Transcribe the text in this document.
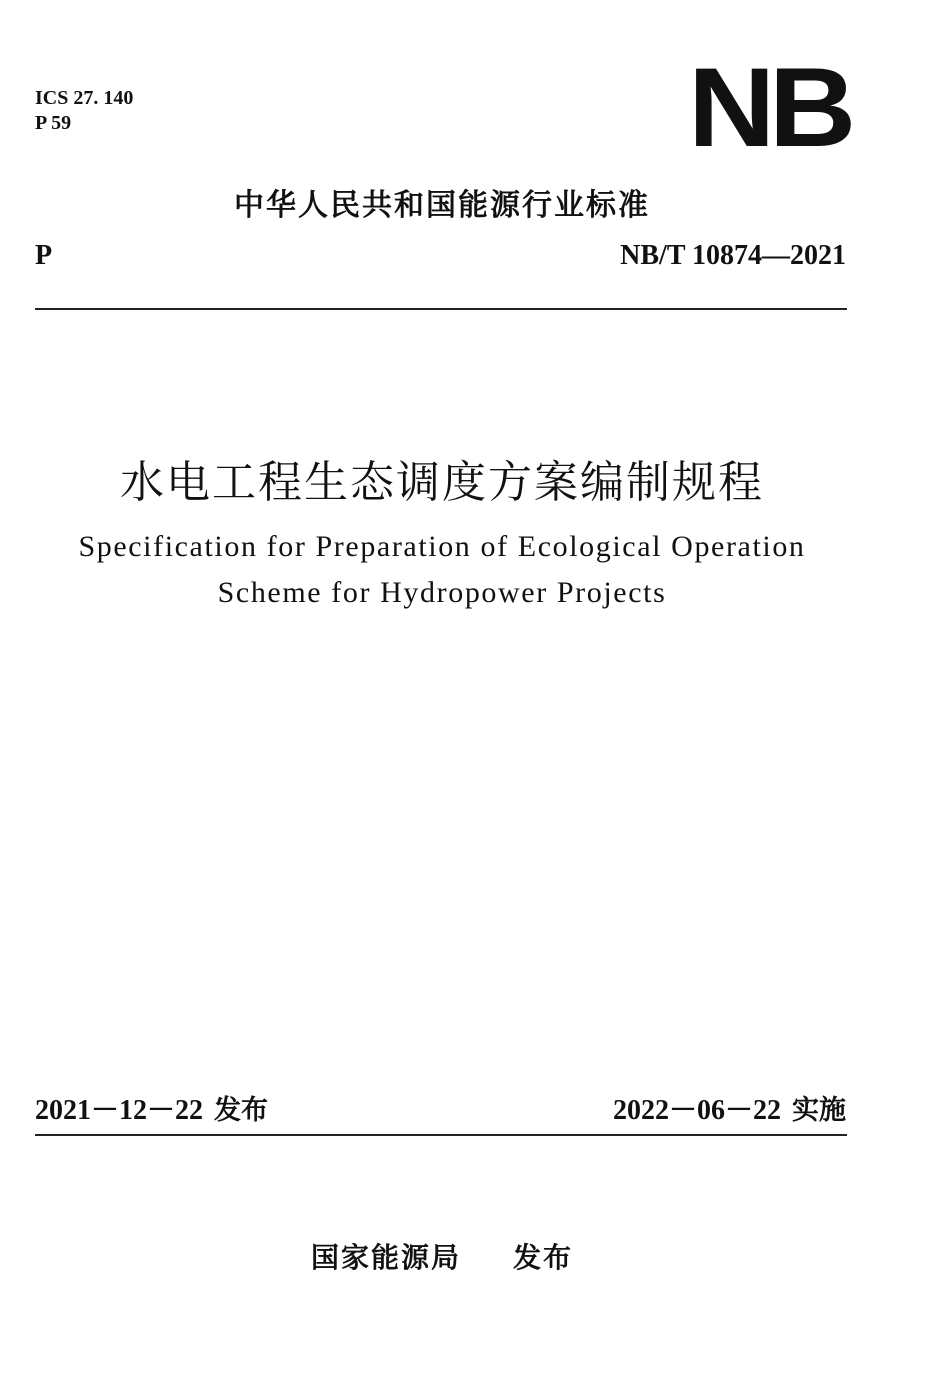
ICS 27. 140
P 59	NB
中华人民共和国能源行业标准
P	NB/T 10874—2021
水电工程生态调度方案编制规程
Specification for Preparation of Ecological Operation
Scheme for Hydropower Projects
2021－12－22 发布	2022－06－22 实施
国家能源局 发布
